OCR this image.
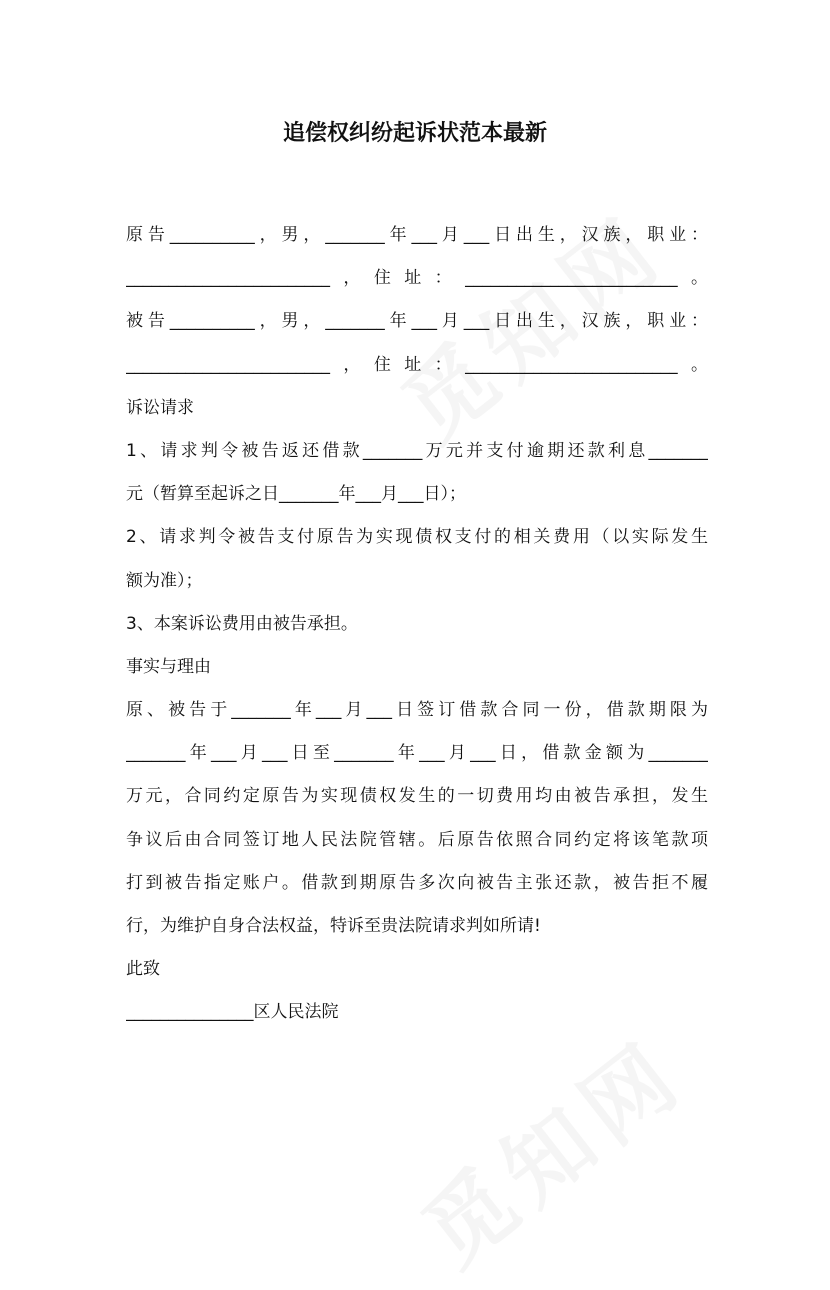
追偿权纠纷起诉状范本最新
原告__________，男，_______年___月___日出生，汉族，职业：
________________________，住址：_________________________。
被告__________，男，_______年___月___日出生，汉族，职业：
________________________，住址：_________________________。
诉讼请求
1、请求判令被告返还借款_______万元并支付逾期还款利息_______
元（暂算至起诉之日_______年___月___日）；
2、请求判令被告支付原告为实现债权支付的相关费用（以实际发生
额为准）；
3、本案诉讼费用由被告承担。
事实与理由
原、被告于_______年___月___日签订借款合同一份，借款期限为
_______年___月___日至_______年___月___日，借款金额为_______
万元，合同约定原告为实现债权发生的一切费用均由被告承担，发生
争议后由合同签订地人民法院管辖。后原告依照合同约定将该笔款项
打到被告指定账户。借款到期原告多次向被告主张还款，被告拒不履
行，为维护自身合法权益，特诉至贵法院请求判如所请!
此致
_______________区人民法院
